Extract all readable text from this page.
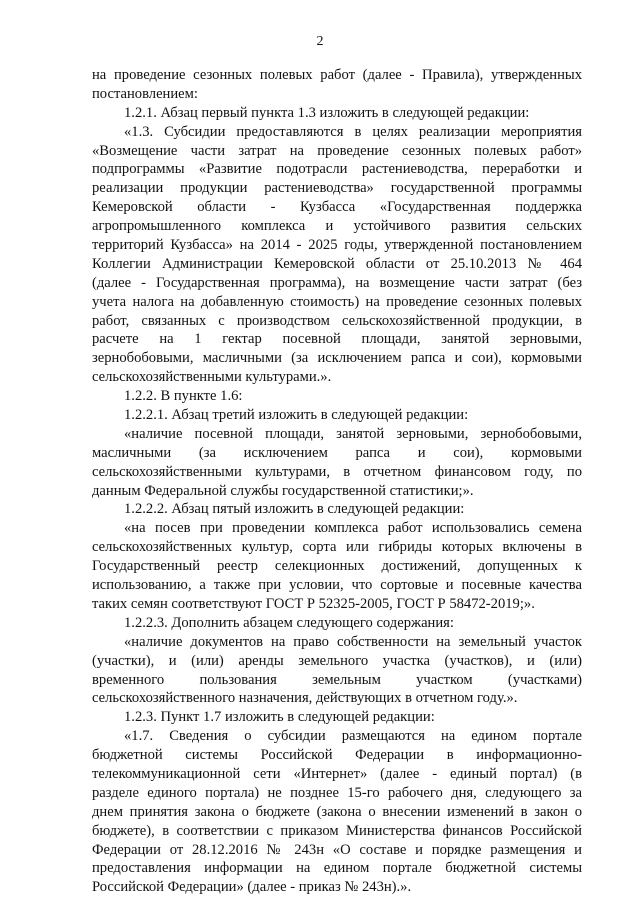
2
на проведение сезонных полевых работ (далее - Правила), утвержденных
постановлением:
1.2.1. Абзац первый пункта 1.3 изложить в следующей редакции:
«1.3. Субсидии предоставляются в целях реализации мероприятия
«Возмещение части затрат на проведение сезонных полевых работ»
подпрограммы «Развитие подотрасли растениеводства, переработки и
реализации продукции растениеводства» государственной программы
Кемеровской области - Кузбасса «Государственная поддержка
агропромышленного комплекса и устойчивого развития сельских
территорий Кузбасса» на 2014 - 2025 годы, утвержденной постановлением
Коллегии Администрации Кемеровской области от 25.10.2013 № 464
(далее - Государственная программа), на возмещение части затрат (без
учета налога на добавленную стоимость) на проведение сезонных полевых
работ, связанных с производством сельскохозяйственной продукции, в
расчете на 1 гектар посевной площади, занятой зерновыми,
зернобобовыми, масличными (за исключением рапса и сои), кормовыми
сельскохозяйственными культурами.».
1.2.2. В пункте 1.6:
1.2.2.1. Абзац третий изложить в следующей редакции:
«наличие посевной площади, занятой зерновыми, зернобобовыми,
масличными (за исключением рапса и сои), кормовыми
сельскохозяйственными культурами, в отчетном финансовом году, по
данным Федеральной службы государственной статистики;».
1.2.2.2. Абзац пятый изложить в следующей редакции:
«на посев при проведении комплекса работ использовались семена
сельскохозяйственных культур, сорта или гибриды которых включены в
Государственный реестр селекционных достижений, допущенных к
использованию, а также при условии, что сортовые и посевные качества
таких семян соответствуют ГОСТ Р 52325-2005, ГОСТ Р 58472-2019;».
1.2.2.3. Дополнить абзацем следующего содержания:
«наличие документов на право собственности на земельный участок
(участки), и (или) аренды земельного участка (участков), и (или)
временного пользования земельным участком (участками)
сельскохозяйственного назначения, действующих в отчетном году.».
1.2.3. Пункт 1.7 изложить в следующей редакции:
«1.7. Сведения о субсидии размещаются на едином портале
бюджетной системы Российской Федерации в информационно-
телекоммуникационной сети «Интернет» (далее - единый портал) (в
разделе единого портала) не позднее 15-го рабочего дня, следующего за
днем принятия закона о бюджете (закона о внесении изменений в закон о
бюджете), в соответствии с приказом Министерства финансов Российской
Федерации от 28.12.2016 № 243н «О составе и порядке размещения и
предоставления информации на едином портале бюджетной системы
Российской Федерации» (далее - приказ № 243н).».
